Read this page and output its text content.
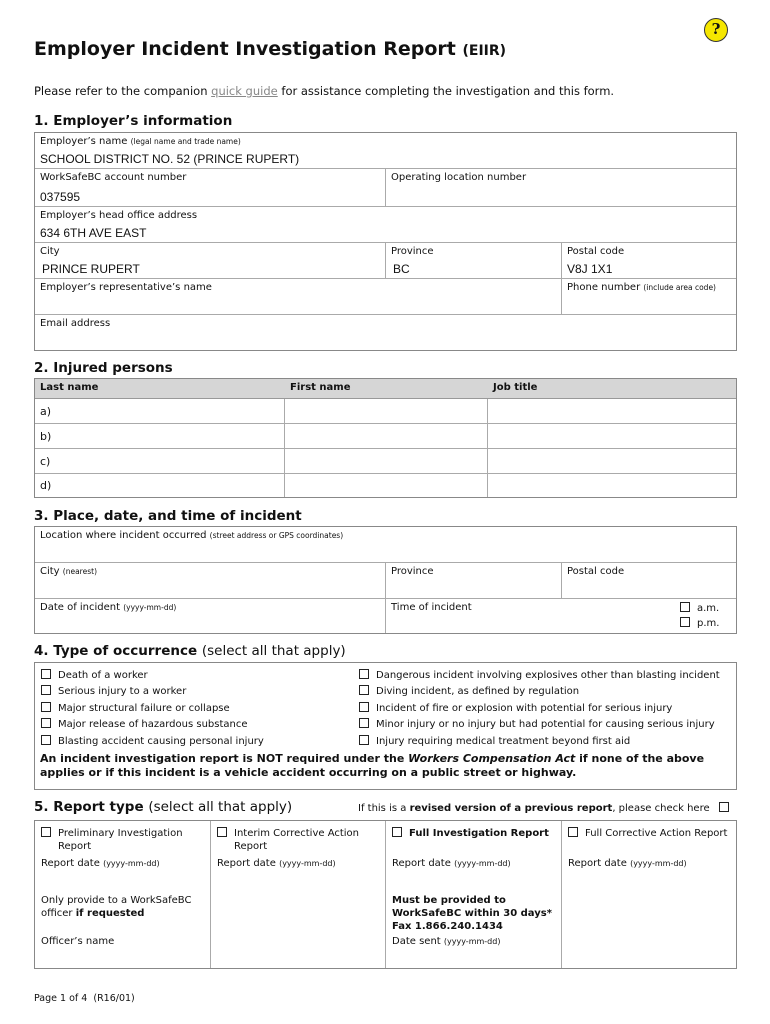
Employer Incident Investigation Report (EIIR)
?
Please refer to the companion quick guide for assistance completing the investigation and this form.
1. Employer’s information
Employer’s name (legal name and trade name)
SCHOOL DISTRICT NO. 52 (PRINCE RUPERT)
WorkSafeBC account number
037595
Operating location number
Employer’s head office address
634 6TH AVE EAST
City
PRINCE RUPERT
Province
BC
Postal code
V8J 1X1
Employer’s representative’s name	Phone number (include area code)
Email address
2. Injured persons
Last name	First name	Job title
a)
b)
c)
d)
3. Place, date, and time of incident
Location where incident occurred (street address or GPS coordinates)
City (nearest)	Province	Postal code
Date of incident (yyyy-mm-dd)	Time of incident	a.m.
p.m.
4. Type of occurrence (select all that apply)
Death of a worker
Serious injury to a worker
Major structural failure or collapse
Major release of hazardous substance
Blasting accident causing personal injury
Dangerous incident involving explosives other than blasting incident
Diving incident, as defined by regulation
Incident of fire or explosion with potential for serious injury
Minor injury or no injury but had potential for causing serious injury
Injury requiring medical treatment beyond first aid
An incident investigation report is NOT required under the Workers Compensation Act if none of the above
applies or if this incident is a vehicle accident occurring on a public street or highway.
5. Report type (select all that apply)	If this is a revised version of a previous report, please check here
Preliminary Investigation
Report
Report date (yyyy-mm-dd)
Only provide to a WorkSafeBC
officer if requested
Officer’s name
Interim Corrective Action
Report
Report date (yyyy-mm-dd)
Full Investigation Report
Report date (yyyy-mm-dd)
Must be provided to
WorkSafeBC within 30 days*
Fax 1.866.240.1434
Date sent (yyyy-mm-dd)
Full Corrective Action Report
Report date (yyyy-mm-dd)
Page 1 of 4 (R16/01)
